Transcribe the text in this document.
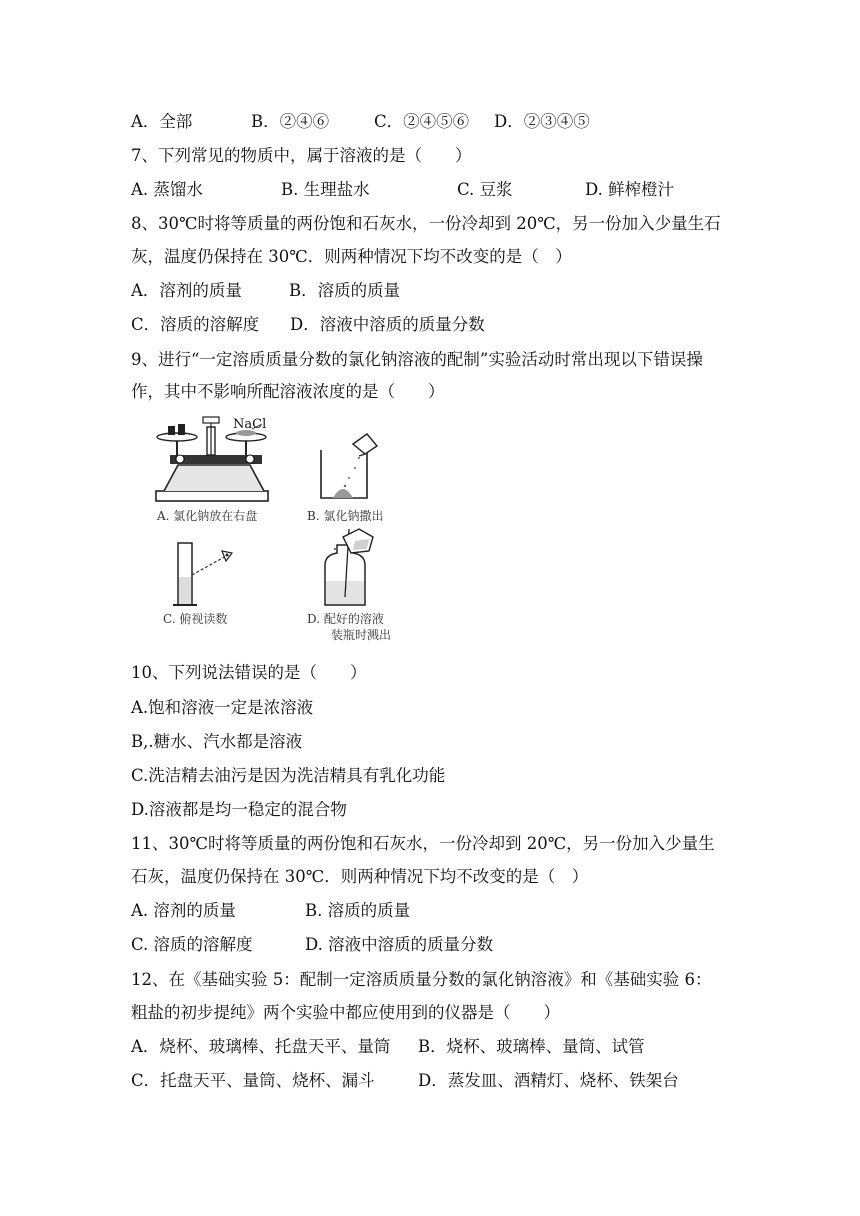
A．全部	B．②④⑥	C．②④⑤⑥ D．②③④⑤
7、下列常见的物质中，属于溶液的是（　　）
A. 蒸馏水	B. 生理盐水	C. 豆浆	D. 鲜榨橙汁
8、30℃时将等质量的两份饱和石灰水，一份冷却到 20℃，另一份加入少量生石
灰，温度仍保持在 30℃．则两种情况下均不改变的是（　）
A．溶剂的质量	B．溶质的质量
C．溶质的溶解度 D．溶液中溶质的质量分数
9、进行“一定溶质质量分数的氯化钠溶液的配制”实验活动时常出现以下错误操
作，其中不影响所配溶液浓度的是（　　）
NaCl
A. 氯化钠放在右盘	B. 氯化钠撒出
C. 俯视读数	D. 配好的溶液
装瓶时溅出
10、下列说法错误的是（　　）
A.饱和溶液一定是浓溶液
B,.糖水、汽水都是溶液
C.洗洁精去油污是因为洗洁精具有乳化功能
D.溶液都是均一稳定的混合物
11、30℃时将等质量的两份饱和石灰水，一份冷却到 20℃，另一份加入少量生
石灰，温度仍保持在 30℃．则两种情况下均不改变的是（　）
A. 溶剂的质量	B. 溶质的质量
C. 溶质的溶解度	D. 溶液中溶质的质量分数
12、在《基础实验 5：配制一定溶质质量分数的氯化钠溶液》和《基础实验 6：
粗盐的初步提纯》两个实验中都应使用到的仪器是（　　）
A．烧杯、玻璃棒、托盘天平、量筒 B．烧杯、玻璃棒、量筒、试管
C．托盘天平、量筒、烧杯、漏斗	D．蒸发皿、酒精灯、烧杯、铁架台
